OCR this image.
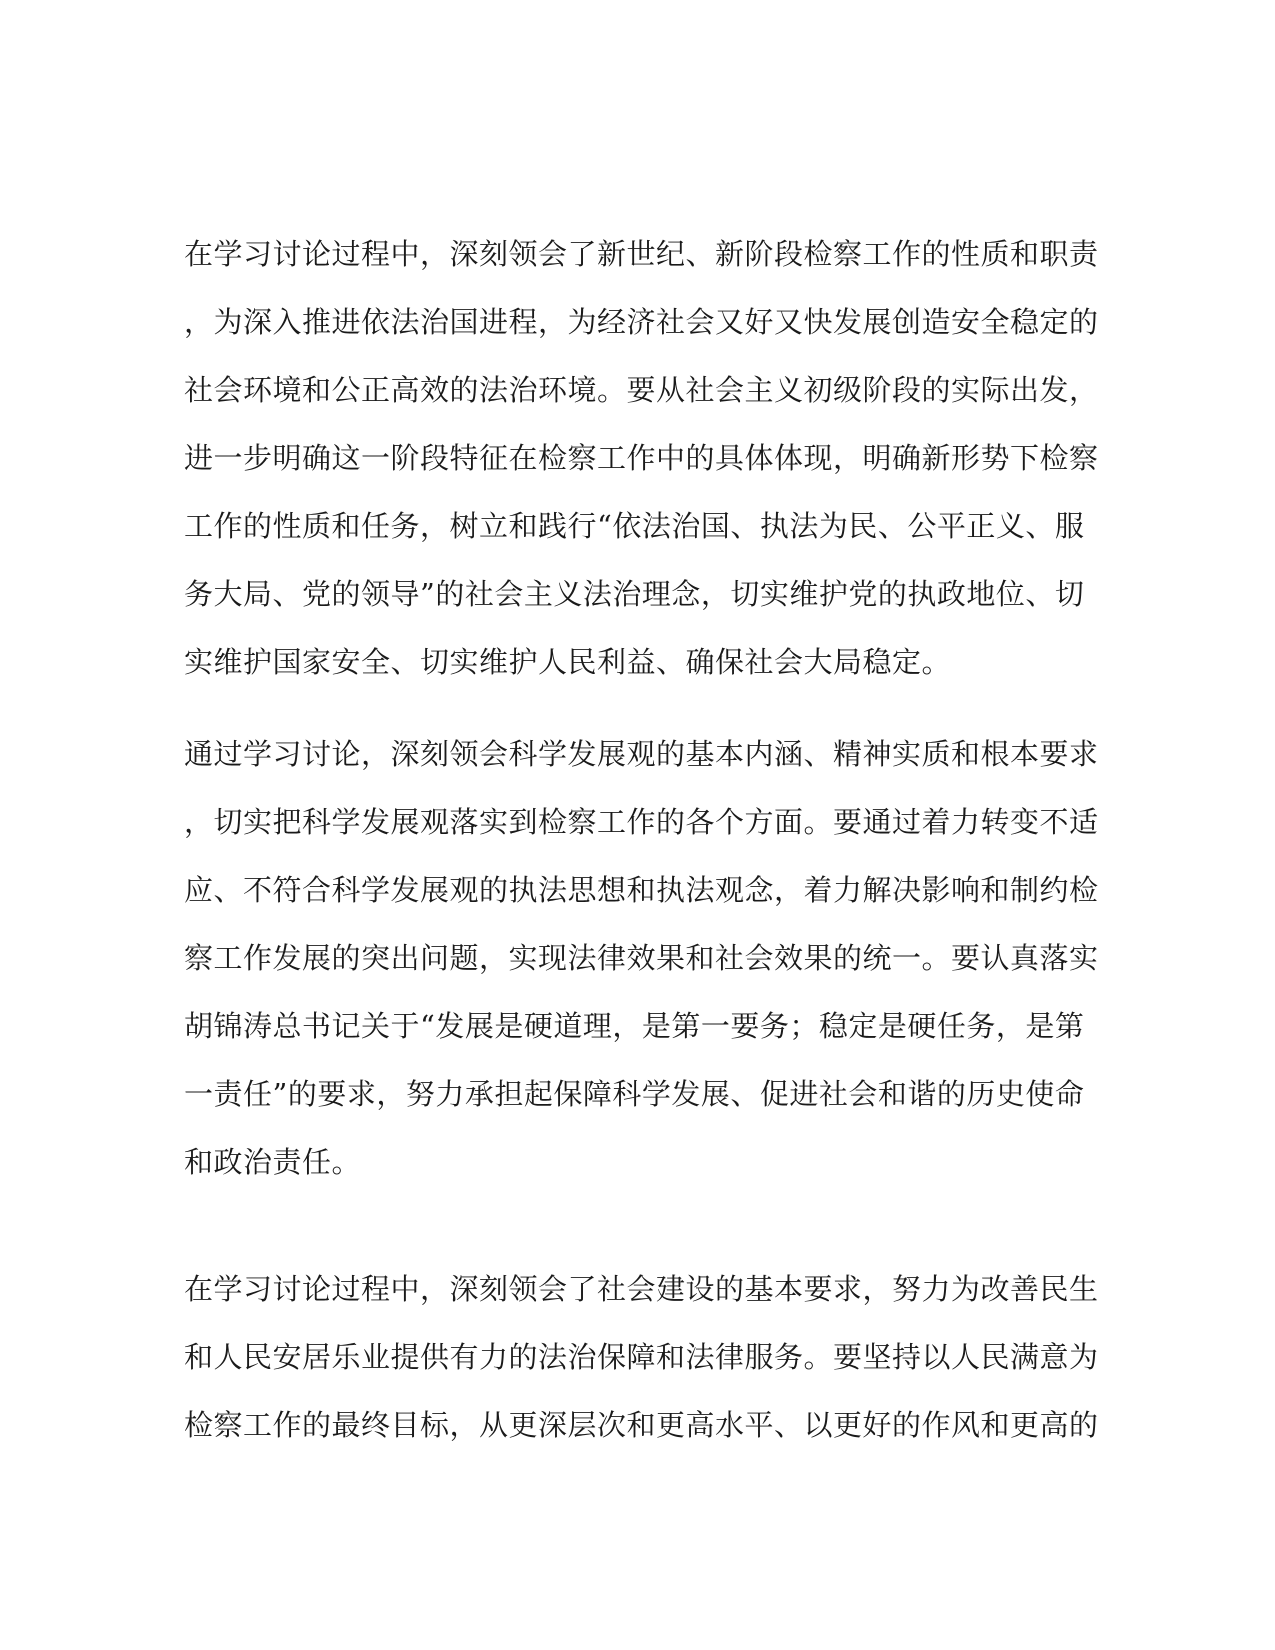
在学习讨论过程中，深刻领会了新世纪、新阶段检察工作的性质和职责
，为深入推进依法治国进程，为经济社会又好又快发展创造安全稳定的
社会环境和公正高效的法治环境。要从社会主义初级阶段的实际出发，
进一步明确这一阶段特征在检察工作中的具体体现，明确新形势下检察
工作的性质和任务，树立和践行“依法治国、执法为民、公平正义、服
务大局、党的领导”的社会主义法治理念，切实维护党的执政地位、切
实维护国家安全、切实维护人民利益、确保社会大局稳定。
通过学习讨论，深刻领会科学发展观的基本内涵、精神实质和根本要求
，切实把科学发展观落实到检察工作的各个方面。要通过着力转变不适
应、不符合科学发展观的执法思想和执法观念，着力解决影响和制约检
察工作发展的突出问题，实现法律效果和社会效果的统一。要认真落实
胡锦涛总书记关于“发展是硬道理，是第一要务；稳定是硬任务，是第
一责任”的要求，努力承担起保障科学发展、促进社会和谐的历史使命
和政治责任。
在学习讨论过程中，深刻领会了社会建设的基本要求，努力为改善民生
和人民安居乐业提供有力的法治保障和法律服务。要坚持以人民满意为
检察工作的最终目标，从更深层次和更高水平、以更好的作风和更高的
